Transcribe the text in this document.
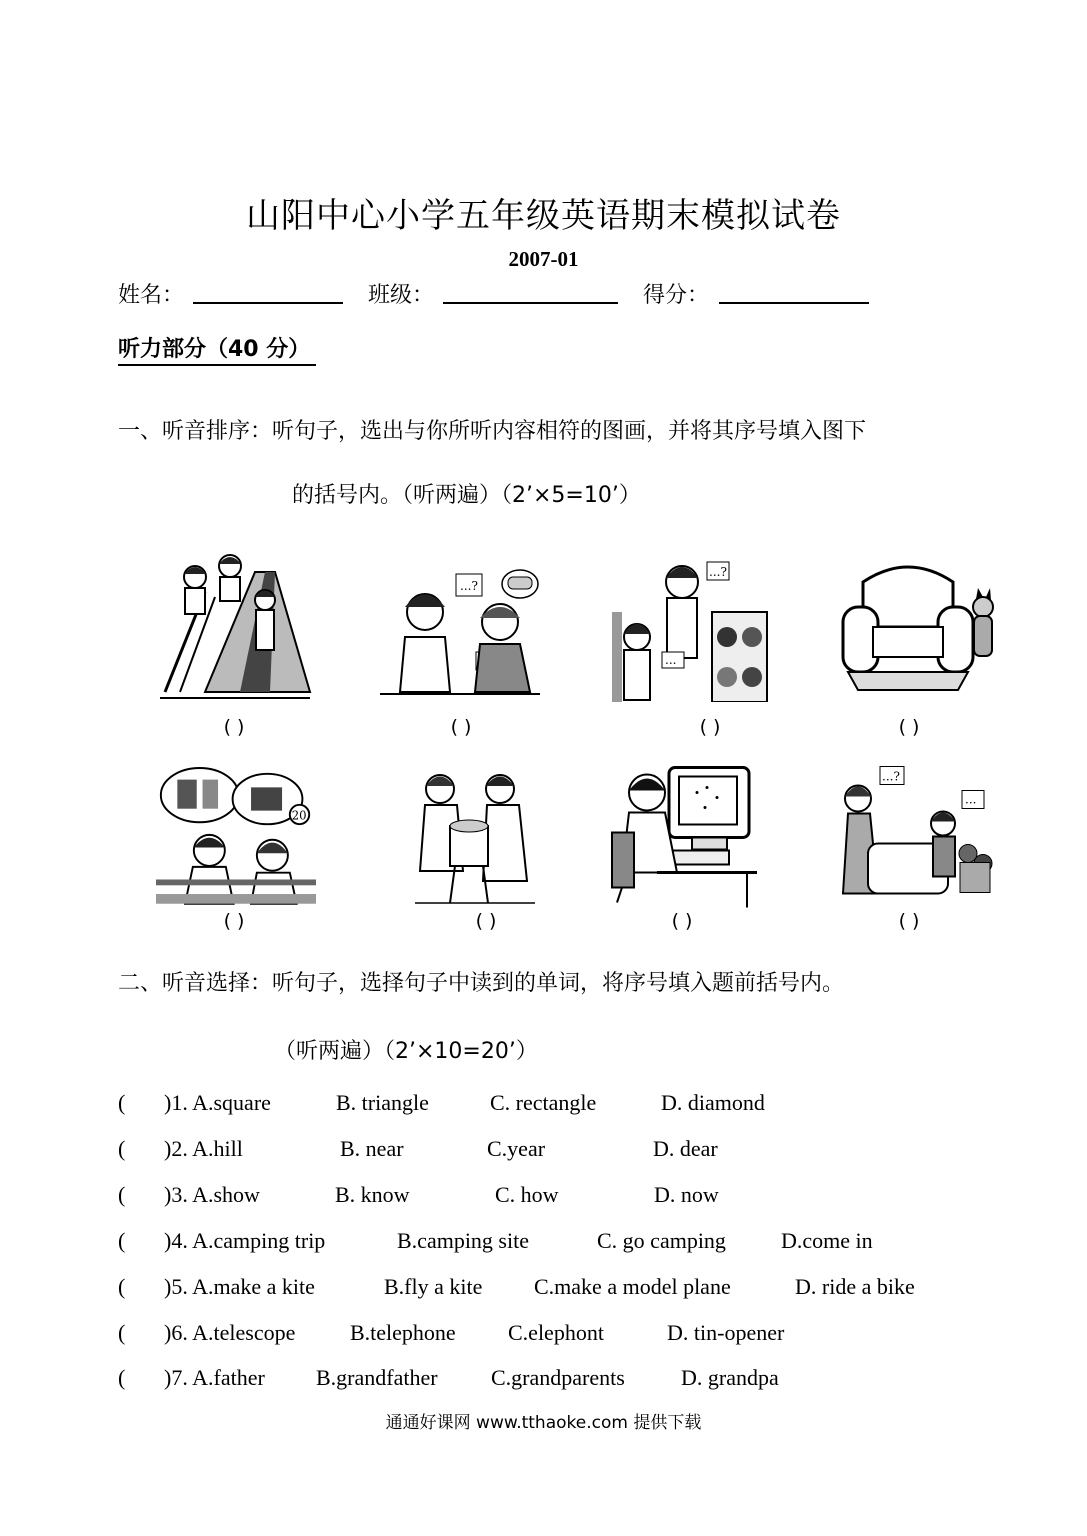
山阳中心小学五年级英语期末模拟试卷
2007-01
姓名：	班级：	得分：
听力部分（40 分）
一、听音排序：听句子，选出与你所听内容相符的图画，并将其序号填入图下
的括号内。（听两遍）（2’×5=10’）
...?
...?
...
( )	( )	( )	( )
20
...?
...
( )	( )	( )	( )
二、听音选择：听句子，选择句子中读到的单词，将序号填入题前括号内。
（听两遍）（2’×10=20’）
( )1. A.square	B. triangle	C. rectangle	D. diamond
( )2. A.hill	B. near	C.year	D. dear
( )3. A.show	B. know	C. how	D. now
( )4. A.camping trip	B.camping site	C. go camping	D.come in
( )5. A.make a kite	B.fly a kite C.make a model plane	D. ride a bike
( )6. A.telescope B.telephone C.elephont	D. tin-opener
( )7. A.father B.grandfather C.grandparents	D. grandpa
通通好课网 www.tthaoke.com 提供下载
